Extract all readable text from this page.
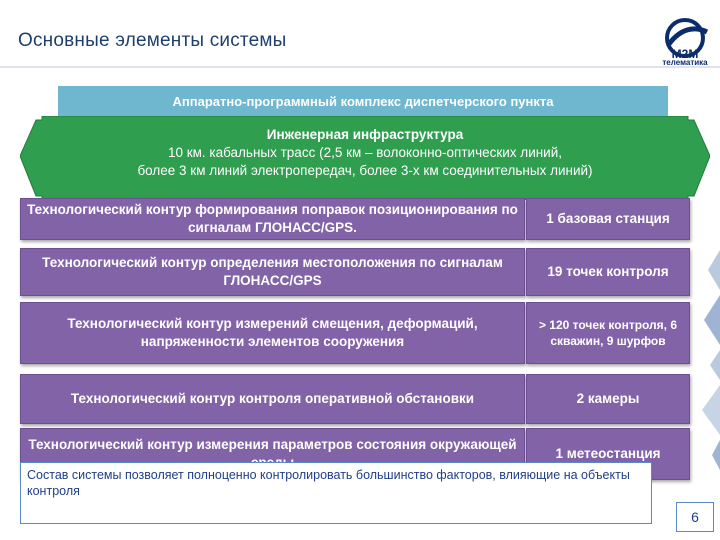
Основные элементы системы
M2M
телематика
Аппаратно-программный комплекс диспетчерского пункта
Инженерная инфраструктура
10 км. кабальных трасс (2,5 км – волоконно-оптических линий,
более 3 км линий электропередач, более 3-х км соединительных линий)
Технологический контур формирования поправок позиционирования по сигналам ГЛОНАСС/GPS.
1 базовая станция
Технологический контур определения местоположения по сигналам ГЛОНАСС/GPS
19 точек контроля
Технологический контур измерений смещения, деформаций, напряженности элементов сооружения
> 120 точек контроля, 6 скважин, 9 шурфов
Технологический контур контроля оперативной обстановки	2 камеры
Технологический контур измерения параметров состояния окружающей
1 метеостанция
Состав системы позволяет полноценно контролировать большинство факторов, влияющие на объекты контроля
6
